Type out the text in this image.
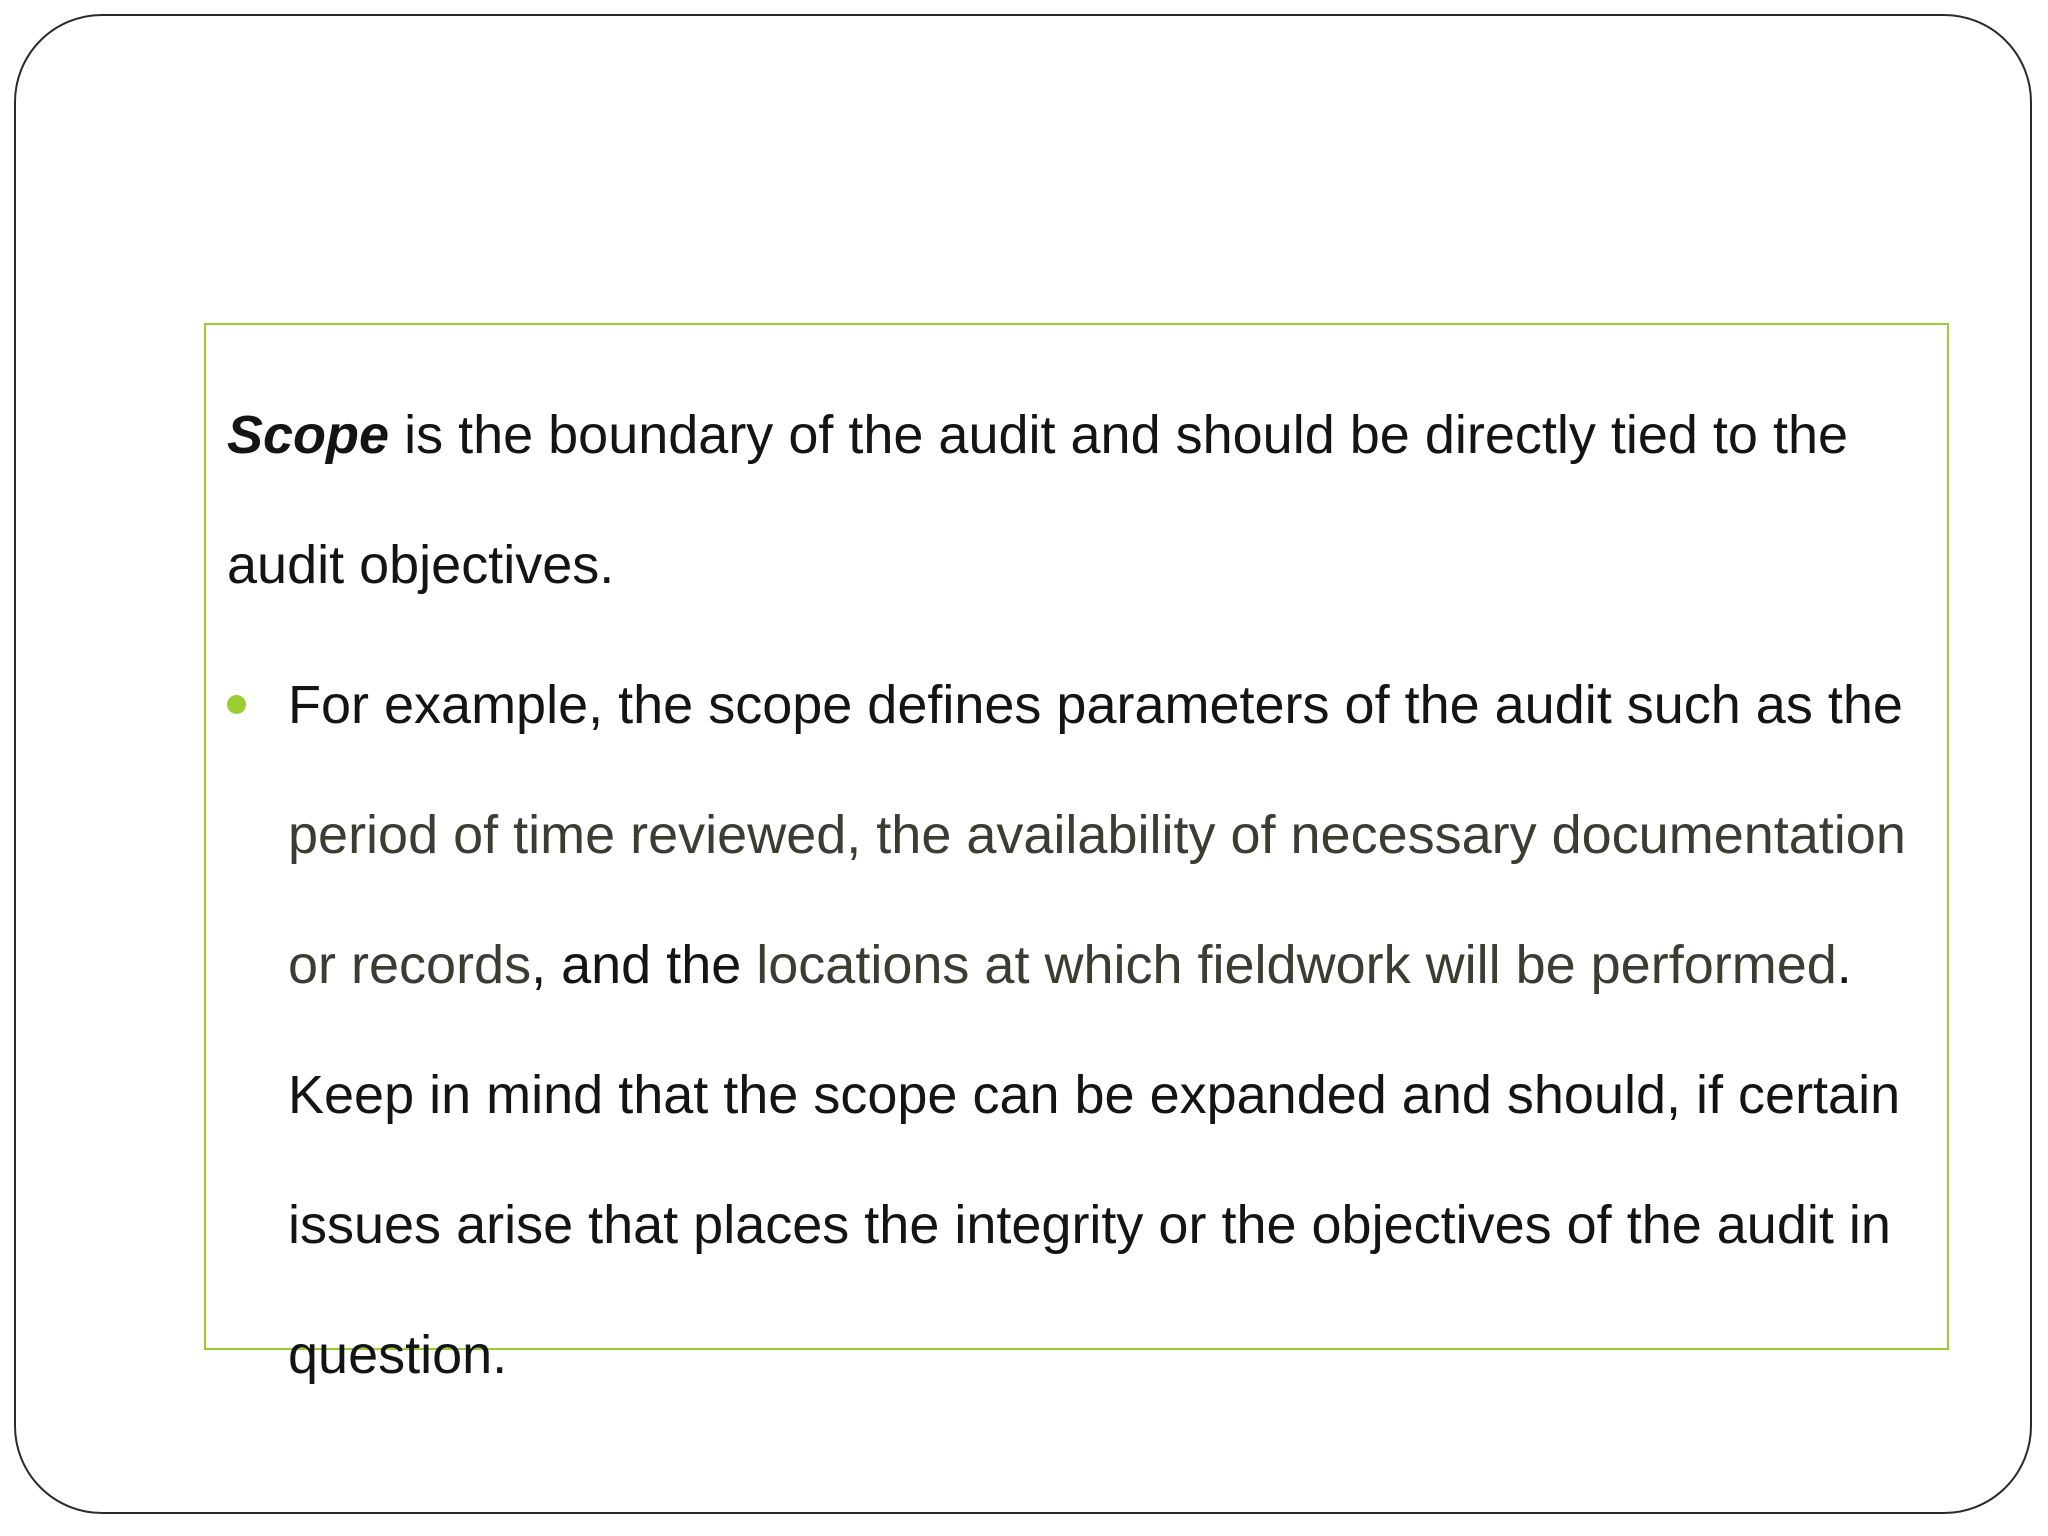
Scope is the boundary of the audit and should be directly tied to the audit objectives.

For example, the scope defines parameters of the audit such as the period of time reviewed, the availability of necessary documentation or records, and the locations at which fieldwork will be performed. Keep in mind that the scope can be expanded and should, if certain issues arise that places the integrity or the objectives of the audit in question.
